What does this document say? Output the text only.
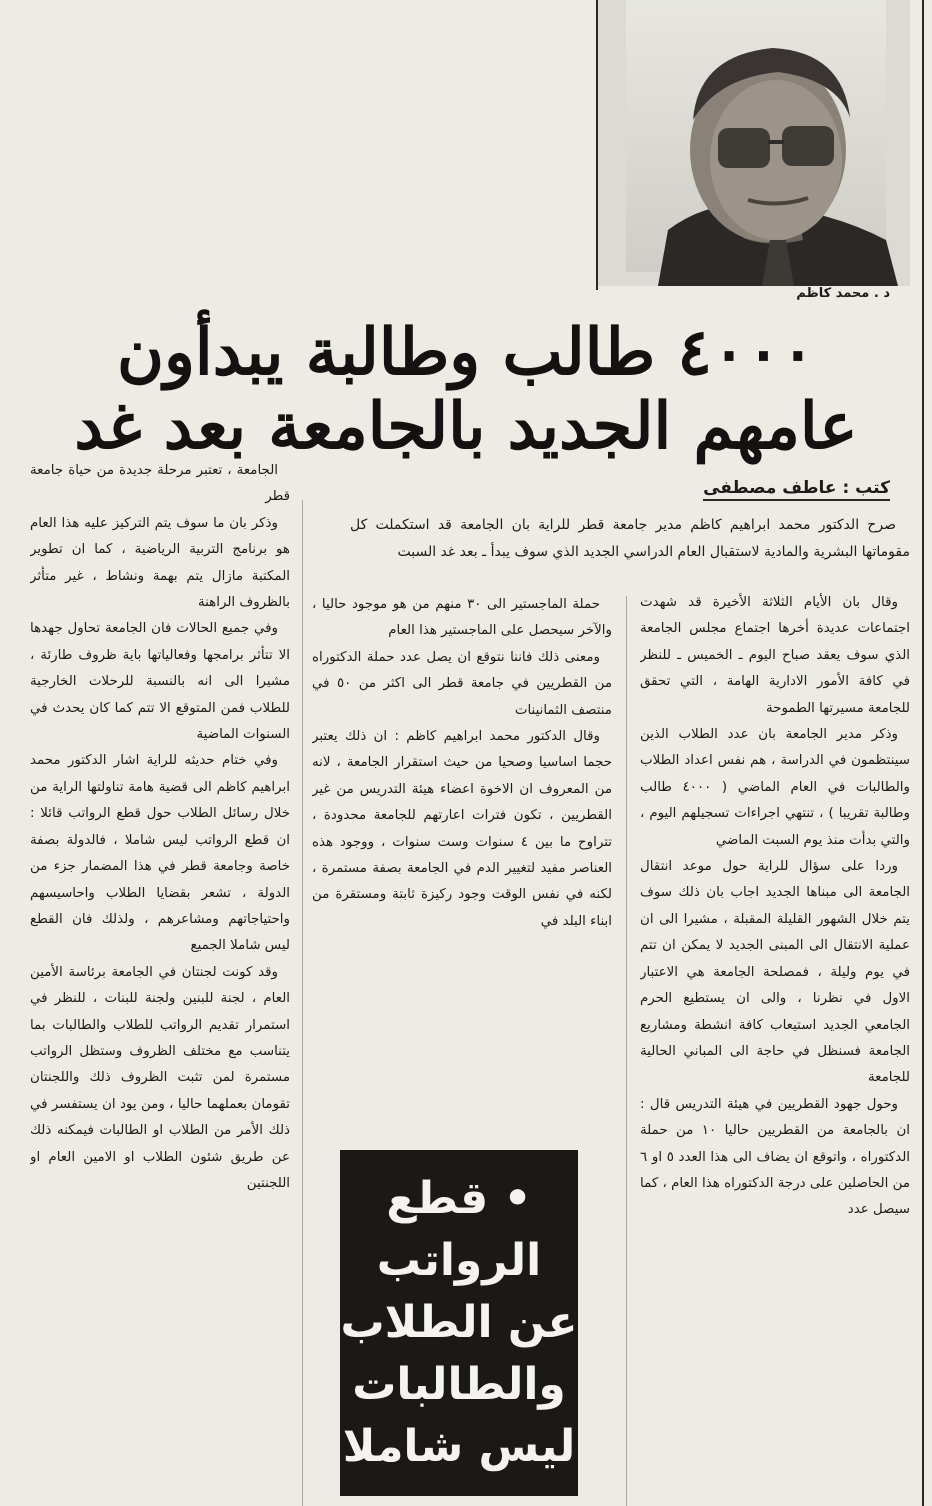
د . محمد كاظم
٤٠٠٠ طالب وطالبة يبدأون
عامهم الجديد بالجامعة بعد غد
كتب : عاطف مصطفى

صرح الدكتور محمد ابراهيم كاظم مدير جامعة قطر للراية بان الجامعة قد استكملت كل مقوماتها البشرية والمادية لاستقبال العام الدراسي الجديد الذي سوف يبدأ ـ بعد غد السبت

وقال بان الأيام الثلاثة الأخيرة قد شهدت اجتماعات عديدة أخرها اجتماع مجلس الجامعة الذي سوف يعقد صباح اليوم ـ الخميس ـ للنظر في كافة الأمور الادارية الهامة ، التي تحقق للجامعة مسيرتها الطموحة

وذكر مدير الجامعة بان عدد الطلاب الذين سينتظمون في الدراسة ، هم نفس اعداد الطلاب والطالبات في العام الماضي ( ٤٠٠٠ طالب وطالبة تقريبا ) ، تنتهي اجراءات تسجيلهم اليوم ، والتي بدأت منذ يوم السبت الماضي

وردا على سؤال للراية حول موعد انتقال الجامعة الى مبناها الجديد اجاب بان ذلك سوف يتم خلال الشهور القليلة المقبلة ، مشيرا الى ان عملية الانتقال الى المبنى الجديد لا يمكن ان تتم في يوم وليلة ، فمصلحة الجامعة هي الاعتبار الاول في نظرنا ، والى ان يستطيع الحرم الجامعي الجديد استيعاب كافة انشطة ومشاريع الجامعة فسنظل في حاجة الى المباني الحالية للجامعة

وحول جهود القطريين في هيئة التدريس قال : ان بالجامعة من القطريين حاليا ١٠ من حملة الدكتوراه ، واتوقع ان يضاف الى هذا العدد ٥ او ٦ من الحاصلين على درجة الدكتوراه هذا العام ، كما سيصل عدد

حملة الماجستير الى ٣٠ منهم من هو موجود حاليا ، والآخر سيحصل على الماجستير هذا العام

ومعنى ذلك فاننا نتوقع ان يصل عدد حملة الدكتوراه من القطريين في جامعة قطر الى اكثر من ٥٠ في منتصف الثمانينات

وقال الدكتور محمد ابراهيم كاظم : ان ذلك يعتبر حجما اساسيا وصحيا من حيث استقرار الجامعة ، لانه من المعروف ان الاخوة اعضاء هيئة التدريس من غير القطريين ، تكون فترات اعارتهم للجامعة محدودة ، تتراوح ما بين ٤ سنوات وست سنوات ، ووجود هذه العناصر مفيد لتغيير الدم في الجامعة بصفة مستمرة ، لكنه في نفس الوقت وجود ركيزة ثابتة ومستقرة من ابناء البلد في

• قطع
الرواتب
عن الطلاب
والطالبات
ليس شاملا

الجامعة ، تعتبر مرحلة جديدة من حياة جامعة قطر

وذكر بان ما سوف يتم التركيز عليه هذا العام هو برنامج التربية الرياضية ، كما ان تطوير المكتبة مازال يتم بهمة ونشاط ، غير متأثر بالظروف الراهنة

وفي جميع الحالات فان الجامعة تحاول جهدها الا تتأثر برامجها وفعالياتها باية ظروف طارئة ، مشيرا الى انه بالنسبة للرحلات الخارجية للطلاب فمن المتوقع الا تتم كما كان يحدث في السنوات الماضية

وفي ختام حديثه للراية اشار الدكتور محمد ابراهيم كاظم الى قضية هامة تناولتها الراية من خلال رسائل الطلاب حول قطع الرواتب قائلا : ان قطع الرواتب ليس شاملا ، فالدولة بصفة خاصة وجامعة قطر في هذا المضمار جزء من الدولة ، تشعر بقضايا الطلاب واحاسيسهم واحتياجاتهم ومشاعرهم ، ولذلك فان القطع ليس شاملا الجميع

وقد كونت لجنتان في الجامعة برئاسة الأمين العام ، لجنة للبنين ولجنة للبنات ، للنظر في استمرار تقديم الرواتب للطلاب والطالبات بما يتناسب مع مختلف الظروف وستظل الرواتب مستمرة لمن تثبت الظروف ذلك واللجنتان تقومان بعملهما حاليا ، ومن يود ان يستفسر في ذلك الأمر من الطلاب او الطالبات فيمكنه ذلك عن طريق شئون الطلاب او الامين العام او اللجنتين
